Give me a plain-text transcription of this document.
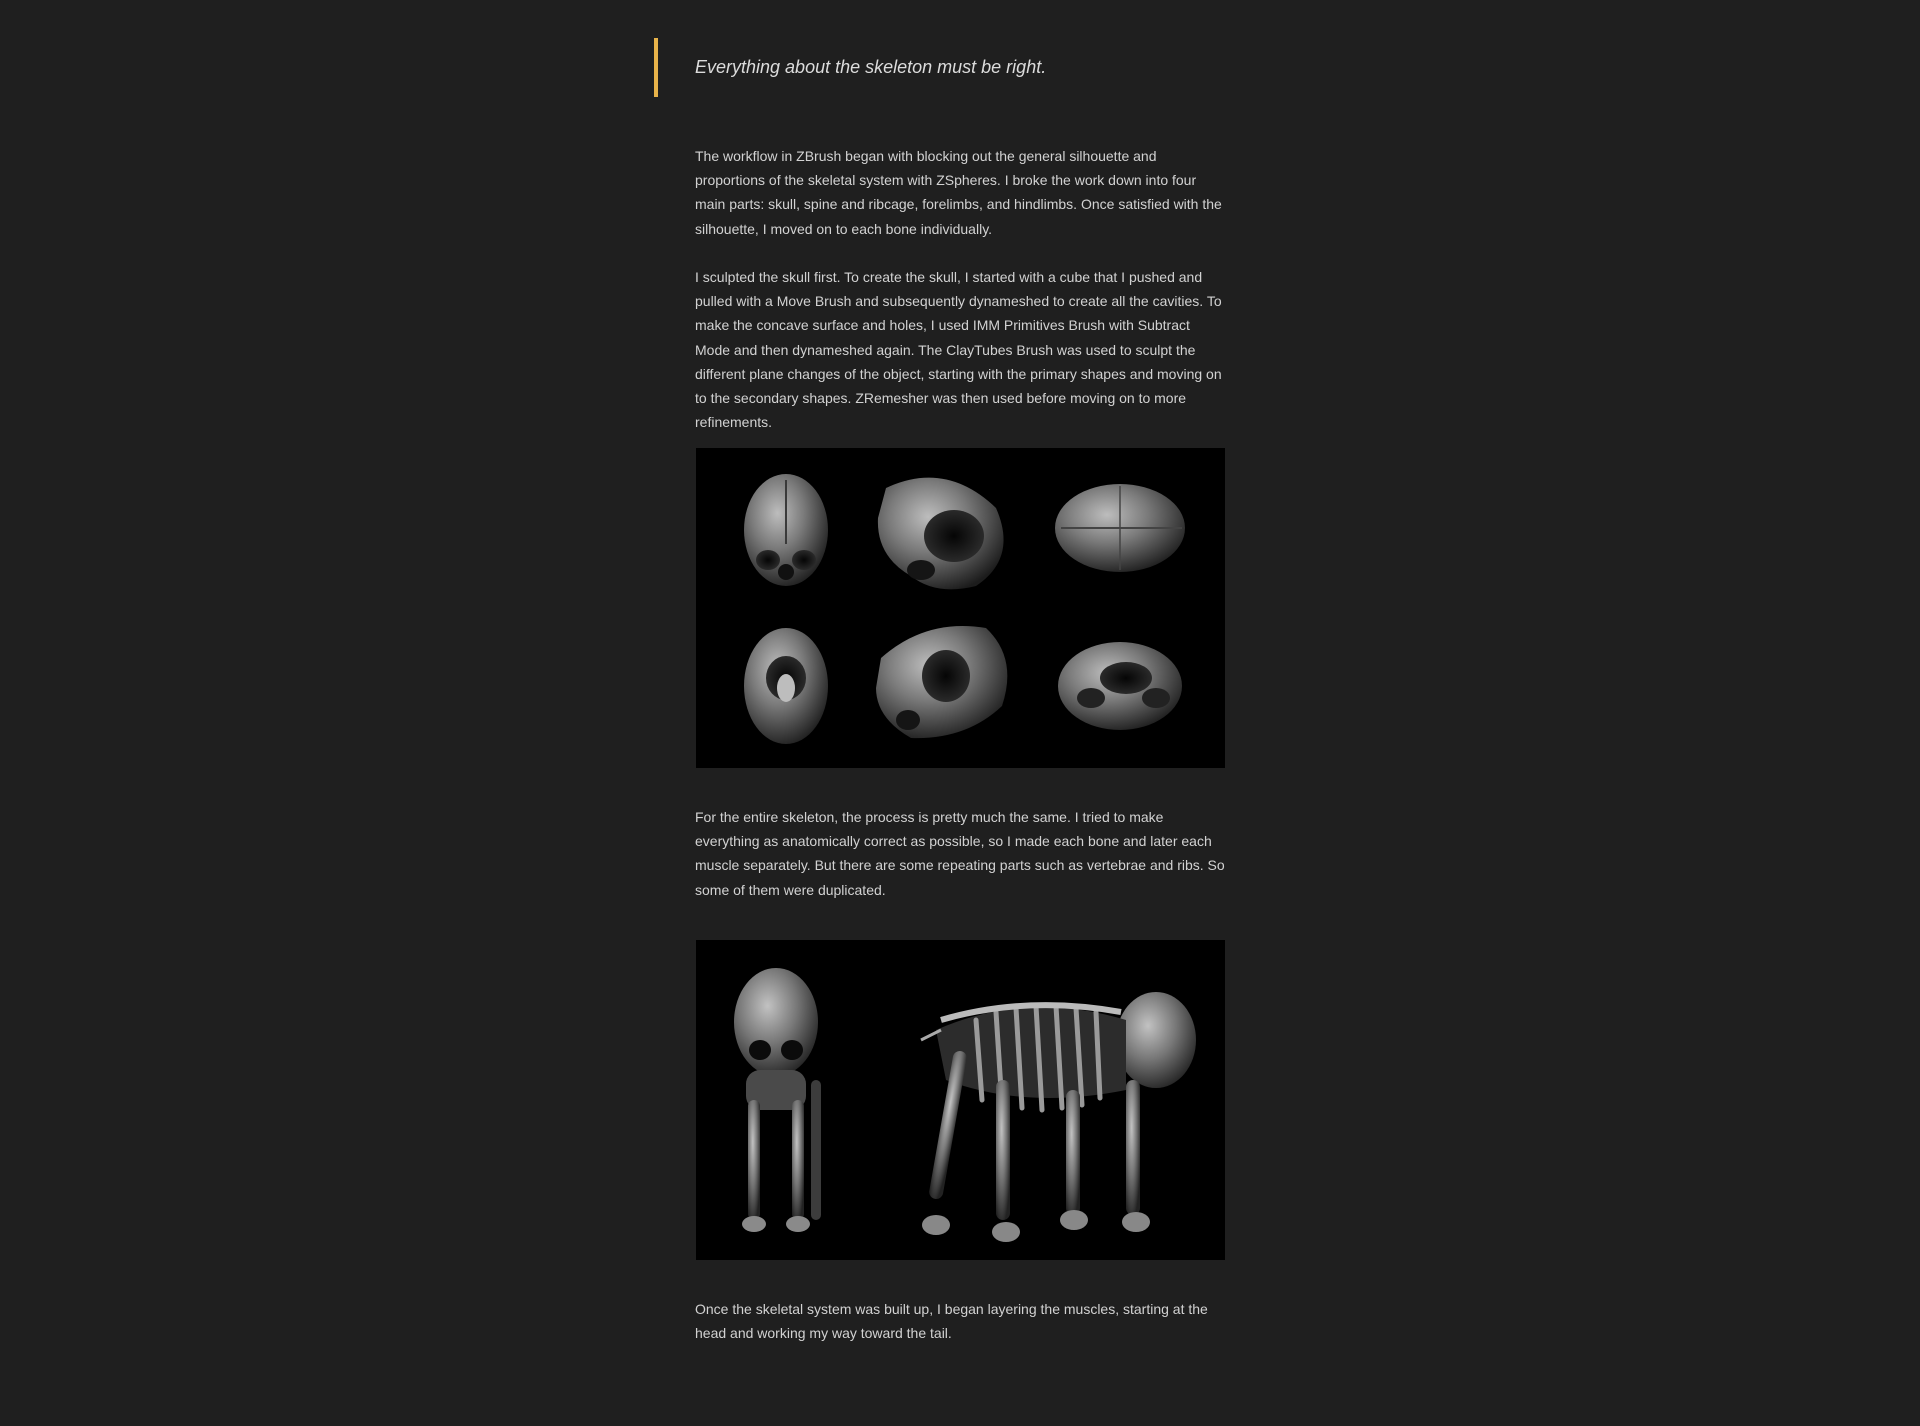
Everything about the skeleton must be right.

The workflow in ZBrush began with blocking out the general silhouette and proportions of the skeletal system with ZSpheres. I broke the work down into four main parts: skull, spine and ribcage, forelimbs, and hindlimbs. Once satisfied with the silhouette, I moved on to each bone individually.

I sculpted the skull first. To create the skull, I started with a cube that I pushed and pulled with a Move Brush and subsequently dynameshed to create all the cavities. To make the concave surface and holes, I used IMM Primitives Brush with Subtract Mode and then dynameshed again. The ClayTubes Brush was used to sculpt the different plane changes of the object, starting with the primary shapes and moving on to the secondary shapes. ZRemesher was then used before moving on to more refinements.

For the entire skeleton, the process is pretty much the same. I tried to make everything as anatomically correct as possible, so I made each bone and later each muscle separately. But there are some repeating parts such as vertebrae and ribs. So some of them were duplicated.

Once the skeletal system was built up, I began layering the muscles, starting at the head and working my way toward the tail.
